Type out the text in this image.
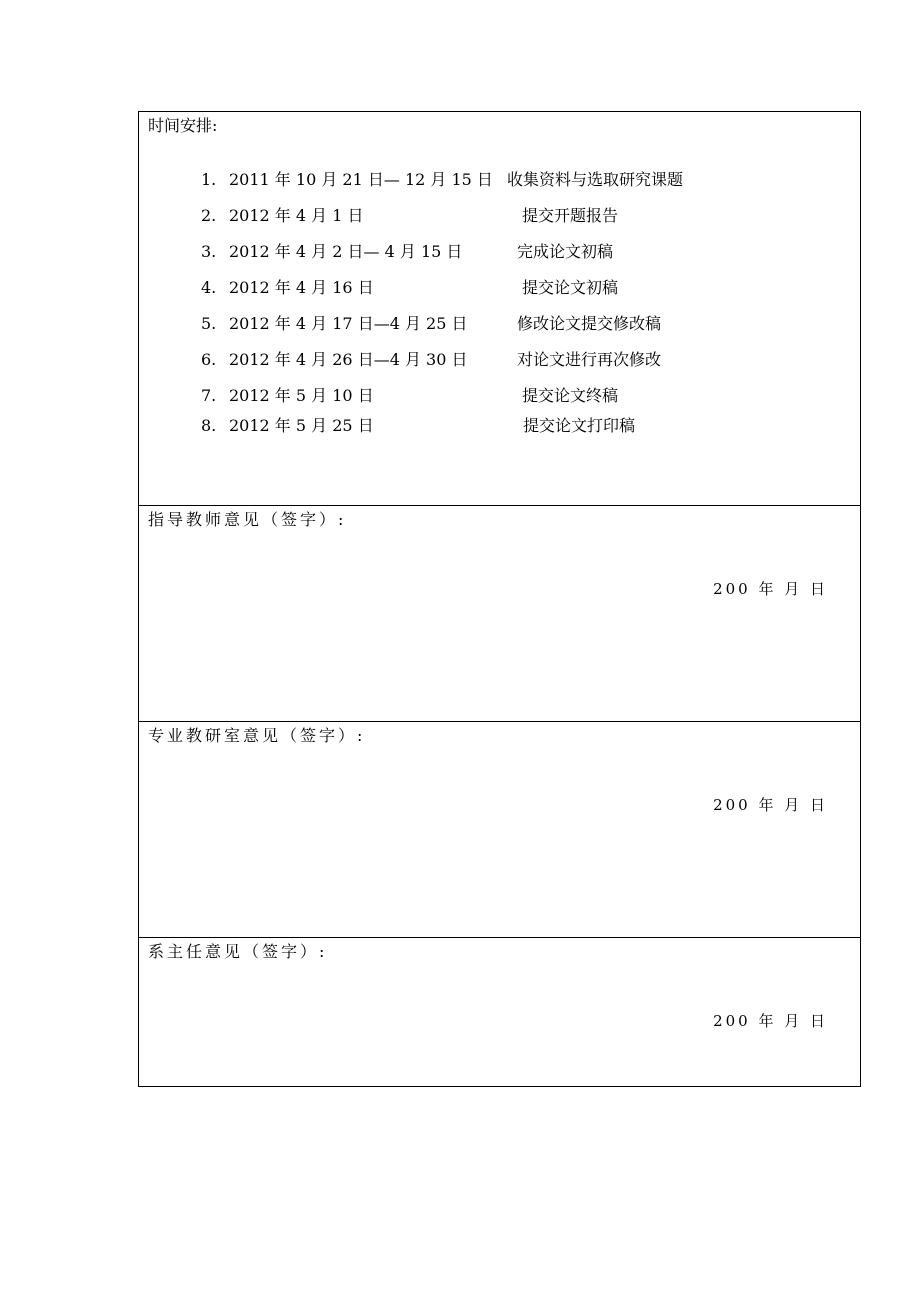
时间安排:
1. 2011 年 10 月 21 日— 12 月 15 日 收集资料与选取研究课题
2. 2012 年 4 月 1 日	提交开题报告
3. 2012 年 4 月 2 日— 4 月 15 日	完成论文初稿
4. 2012 年 4 月 16 日	提交论文初稿
5. 2012 年 4 月 17 日—4 月 25 日	修改论文提交修改稿
6. 2012 年 4 月 26 日—4 月 30 日	对论文进行再次修改
7. 2012 年 5 月 10 日	提交论文终稿
8. 2012 年 5 月 25 日	提交论文打印稿
指导教师意见（签字）:
200 年 月 日
专业教研室意见（签字）:
200 年 月 日
系主任意见（签字）:
200 年 月 日
